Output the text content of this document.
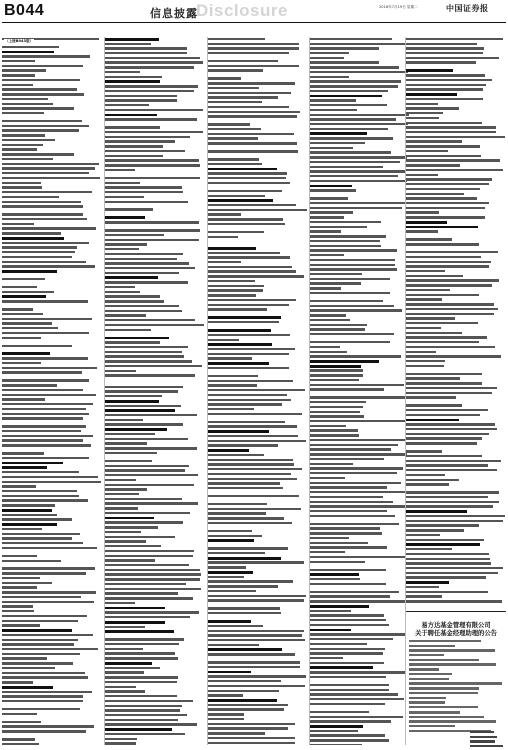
B044	信息披露
Disclosure	2016年7月19日 星期二	中国证券报
（上接B043版）
易方达基金管理有限公司
关于聘任基金经理助理的公告
